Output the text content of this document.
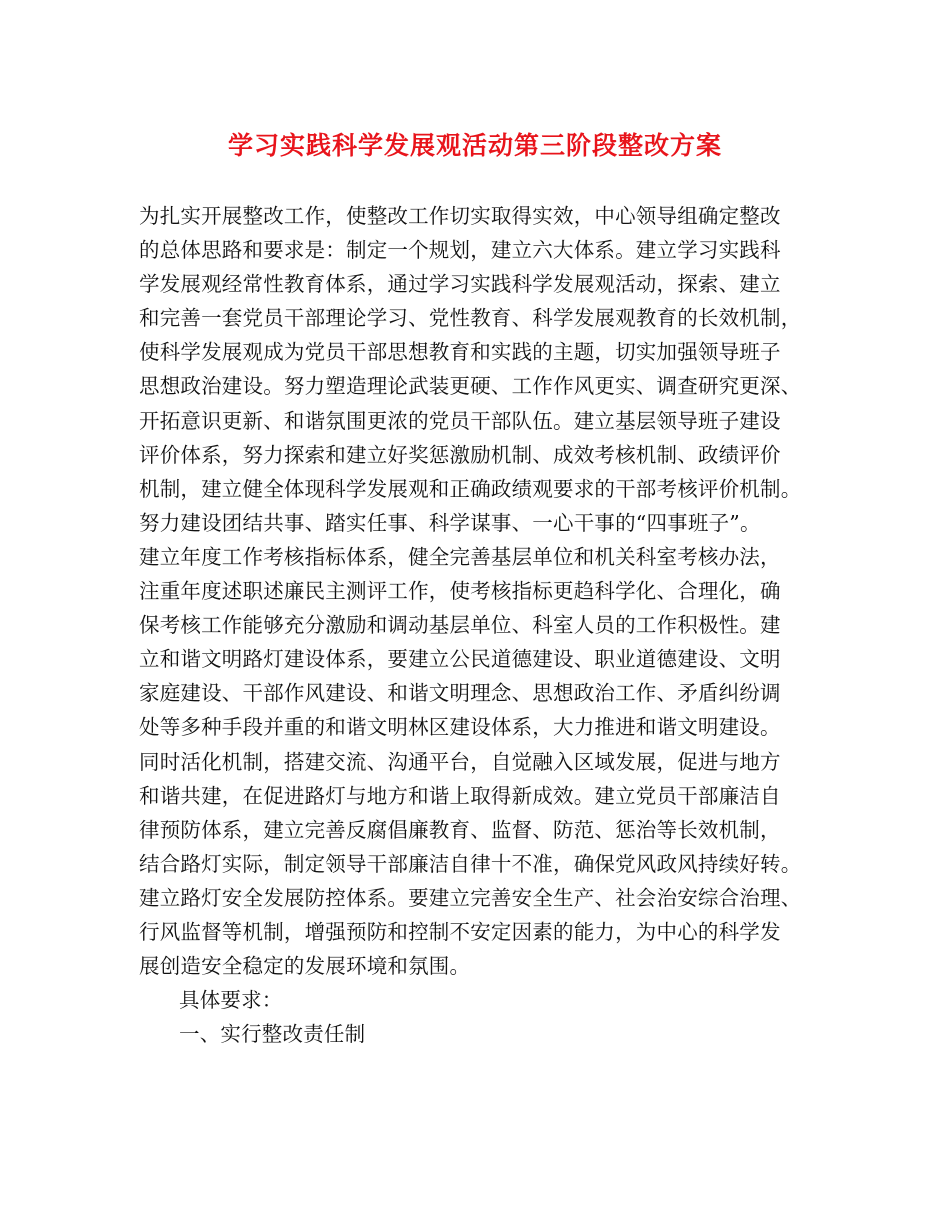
学习实践科学发展观活动第三阶段整改方案
为扎实开展整改工作，使整改工作切实取得实效，中心领导组确定整改
的总体思路和要求是：制定一个规划，建立六大体系。建立学习实践科
学发展观经常性教育体系，通过学习实践科学发展观活动，探索、建立
和完善一套党员干部理论学习、党性教育、科学发展观教育的长效机制，
使科学发展观成为党员干部思想教育和实践的主题，切实加强领导班子
思想政治建设。努力塑造理论武装更硬、工作作风更实、调查研究更深、
开拓意识更新、和谐氛围更浓的党员干部队伍。建立基层领导班子建设
评价体系，努力探索和建立好奖惩激励机制、成效考核机制、政绩评价
机制，建立健全体现科学发展观和正确政绩观要求的干部考核评价机制。
努力建设团结共事、踏实任事、科学谋事、一心干事的“四事班子”。
建立年度工作考核指标体系，健全完善基层单位和机关科室考核办法，
注重年度述职述廉民主测评工作，使考核指标更趋科学化、合理化，确
保考核工作能够充分激励和调动基层单位、科室人员的工作积极性。建
立和谐文明路灯建设体系，要建立公民道德建设、职业道德建设、文明
家庭建设、干部作风建设、和谐文明理念、思想政治工作、矛盾纠纷调
处等多种手段并重的和谐文明林区建设体系，大力推进和谐文明建设。
同时活化机制，搭建交流、沟通平台，自觉融入区域发展，促进与地方
和谐共建，在促进路灯与地方和谐上取得新成效。建立党员干部廉洁自
律预防体系，建立完善反腐倡廉教育、监督、防范、惩治等长效机制，
结合路灯实际，制定领导干部廉洁自律十不准，确保党风政风持续好转。
建立路灯安全发展防控体系。要建立完善安全生产、社会治安综合治理、
行风监督等机制，增强预防和控制不安定因素的能力，为中心的科学发
展创造安全稳定的发展环境和氛围。
具体要求：
一、实行整改责任制
